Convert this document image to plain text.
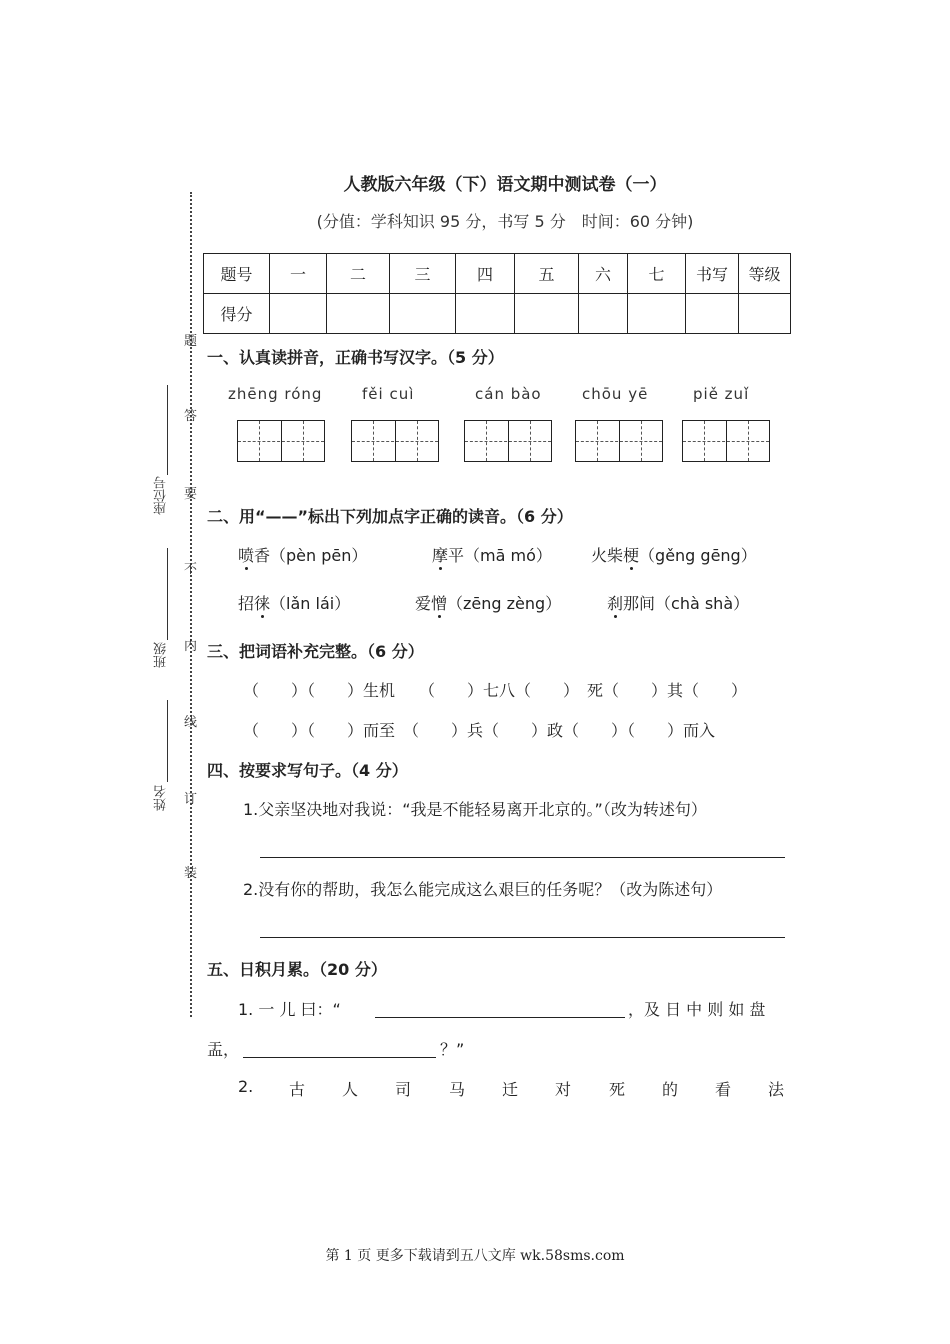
人教版六年级（下）语文期中测试卷（一）
(分值：学科知识 95 分，书写 5 分　时间：60 分钟)
题号	一	二	三	四	五	六	七	书写	等级
得分									
题
答
要
不
内
线
订
装
座位号
班级
姓名
一、认真读拼音，正确书写汉字。（5 分）
zhēng róng	fěi cuì	cán bào	chōu yē	piě zuǐ
二、用“——”标出下列加点字正确的读音。（6 分）
喷香（pèn pēn）	摩平（mā mó） 火柴梗（gěng gēng）
招徕（lǎn lái）	爱憎（zēng zèng）	刹那间（chà shà）
三、把词语补充完整。（6 分）
（　　）（　　）生机　　（　　）七八（　　）　死（　　）其（　　）
（　　）（　　）而至　（　　）兵（　　）政（　　）（　　）而入
四、按要求写句子。（4 分）
1.父亲坚决地对我说：“我是不能轻易离开北京的。”（改为转述句）
2.没有你的帮助，我怎么能完成这么艰巨的任务呢？（改为陈述句）
五、日积月累。（20 分）
1. 一 儿 曰：“	，及 日 中 则 如 盘
盂，	？”
2. 古 人 司 马 迁 对 死 的 看 法
第 1 页 更多下载请到五八文库 wk.58sms.com
